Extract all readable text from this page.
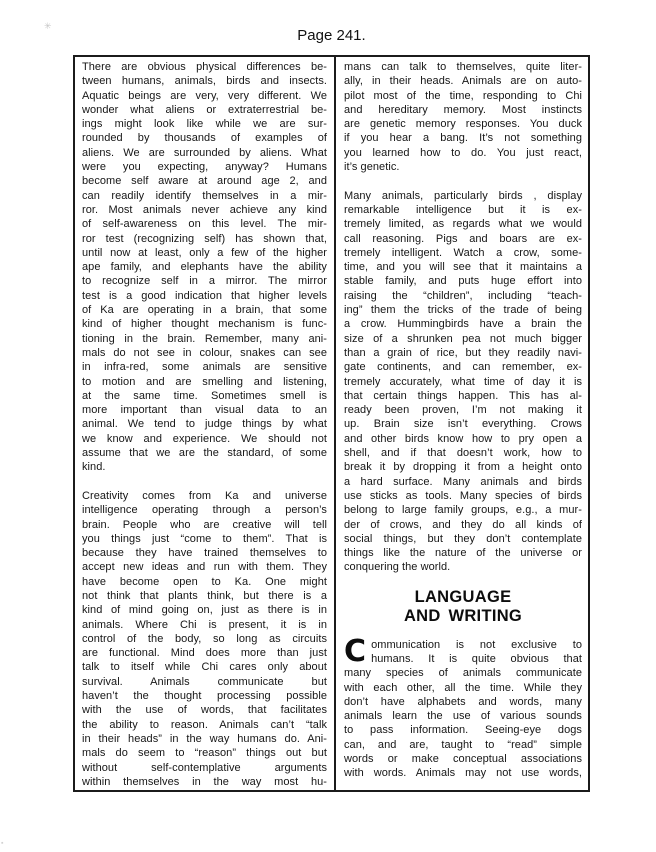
✳
▪
Page 241.
There are obvious physical differences be-
tween humans, animals, birds and insects.
Aquatic beings are very, very different. We
wonder what aliens or extraterrestrial be-
ings might look like while we are sur-
rounded by thousands of examples of
aliens. We are surrounded by aliens. What
were you expecting, anyway? Humans
become self aware at around age 2, and
can readily identify themselves in a mir-
ror. Most animals never achieve any kind
of self-awareness on this level. The mir-
ror test (recognizing self) has shown that,
until now at least, only a few of the higher
ape family, and elephants have the ability
to recognize self in a mirror. The mirror
test is a good indication that higher levels
of Ka are operating in a brain, that some
kind of higher thought mechanism is func-
tioning in the brain. Remember, many ani-
mals do not see in colour, snakes can see
in infra-red, some animals are sensitive
to motion and are smelling and listening,
at the same time. Sometimes smell is
more important than visual data to an
animal. We tend to judge things by what
we know and experience. We should not
assume that we are the standard, of some
kind.
Creativity comes from Ka and universe
intelligence operating through a person’s
brain. People who are creative will tell
you things just “come to them”. That is
because they have trained themselves to
accept new ideas and run with them. They
have become open to Ka. One might
not think that plants think, but there is a
kind of mind going on, just as there is in
animals. Where Chi is present, it is in
control of the body, so long as circuits
are functional. Mind does more than just
talk to itself while Chi cares only about
survival. Animals communicate but
haven’t the thought processing possible
with the use of words, that facilitates
the ability to reason. Animals can’t “talk
in their heads” in the way humans do. Ani-
mals do seem to “reason” things out but
without self-contemplative arguments
within themselves in the way most hu-
mans can talk to themselves, quite liter-
ally, in their heads. Animals are on auto-
pilot most of the time, responding to Chi
and hereditary memory. Most instincts
are genetic memory responses. You duck
if you hear a bang. It’s not something
you learned how to do. You just react,
it’s genetic.
Many animals, particularly birds , display
remarkable intelligence but it is ex-
tremely limited, as regards what we would
call reasoning. Pigs and boars are ex-
tremely intelligent. Watch a crow, some-
time, and you will see that it maintains a
stable family, and puts huge effort into
raising the “children”, including “teach-
ing” them the tricks of the trade of being
a crow. Hummingbirds have a brain the
size of a shrunken pea not much bigger
than a grain of rice, but they readily navi-
gate continents, and can remember, ex-
tremely accurately, what time of day it is
that certain things happen. This has al-
ready been proven, I’m not making it
up. Brain size isn’t everything. Crows
and other birds know how to pry open a
shell, and if that doesn’t work, how to
break it by dropping it from a height onto
a hard surface. Many animals and birds
use sticks as tools. Many species of birds
belong to large family groups, e.g., a mur-
der of crows, and they do all kinds of
social things, but they don’t contemplate
things like the nature of the universe or
conquering the world.
LANGUAGE
AND WRITING
C ommunication is not exclusive to
humans. It is quite obvious that
many species of animals communicate
with each other, all the time. While they
don’t have alphabets and words, many
animals learn the use of various sounds
to pass information. Seeing-eye dogs
can, and are, taught to “read” simple
words or make conceptual associations
with words. Animals may not use words,
